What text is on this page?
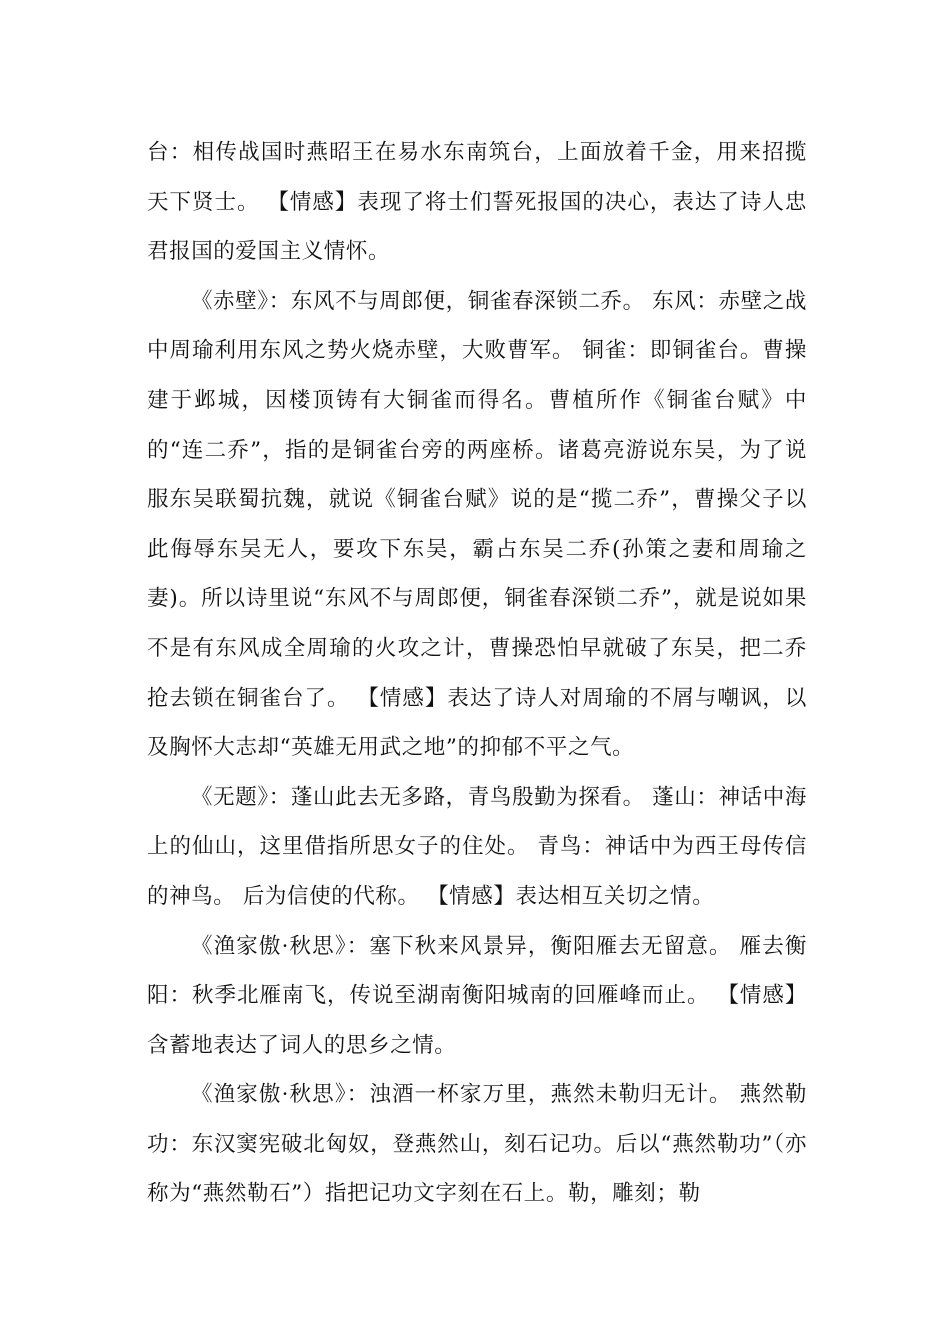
台：相传战国时燕昭王在易水东南筑台，上面放着千金，用来招揽天下贤士。 【情感】表现了将士们誓死报国的决心，表达了诗人忠君报国的爱国主义情怀。

《赤壁》：东风不与周郎便，铜雀春深锁二乔。 东风：赤壁之战中周瑜利用东风之势火烧赤壁，大败曹军。 铜雀：即铜雀台。曹操建于邺城，因楼顶铸有大铜雀而得名。曹植所作《铜雀台赋》中的“连二乔”，指的是铜雀台旁的两座桥。诸葛亮游说东吴，为了说服东吴联蜀抗魏，就说《铜雀台赋》说的是“揽二乔”，曹操父子以此侮辱东吴无人，要攻下东吴，霸占东吴二乔(孙策之妻和周瑜之妻)。所以诗里说“东风不与周郎便，铜雀春深锁二乔”，就是说如果不是有东风成全周瑜的火攻之计，曹操恐怕早就破了东吴，把二乔抢去锁在铜雀台了。 【情感】表达了诗人对周瑜的不屑与嘲讽，以及胸怀大志却“英雄无用武之地”的抑郁不平之气。

《无题》：蓬山此去无多路，青鸟殷勤为探看。 蓬山：神话中海上的仙山，这里借指所思女子的住处。 青鸟：神话中为西王母传信的神鸟。 后为信使的代称。 【情感】表达相互关切之情。

《渔家傲·秋思》：塞下秋来风景异，衡阳雁去无留意。 雁去衡阳：秋季北雁南飞，传说至湖南衡阳城南的回雁峰而止。 【情感】含蓄地表达了词人的思乡之情。

《渔家傲·秋思》：浊酒一杯家万里，燕然未勒归无计。 燕然勒功：东汉窦宪破北匈奴，登燕然山，刻石记功。后以“燕然勒功”（亦称为“燕然勒石”）指把记功文字刻在石上。勒，雕刻；勒
